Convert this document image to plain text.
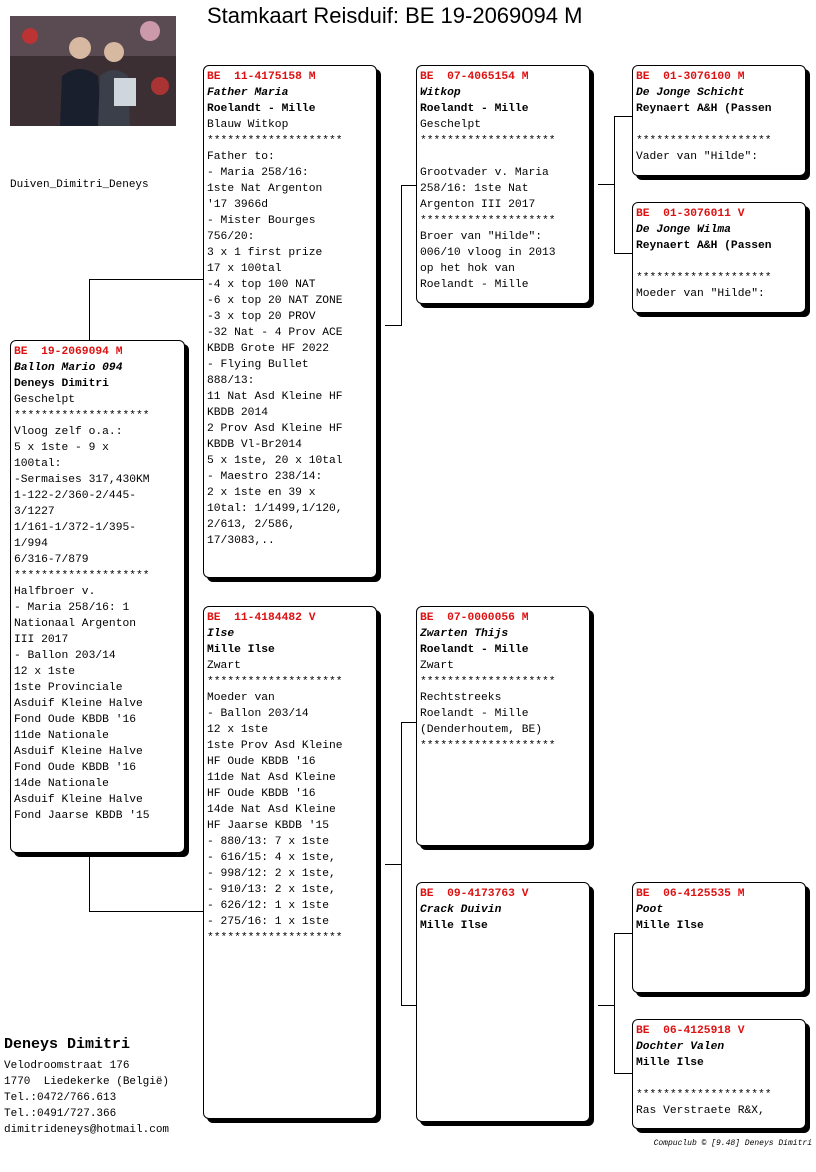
Stamkaart Reisduif: BE 19-2069094 M
Duiven_Dimitri_Deneys
BE  19-2069094 M
Ballon Mario 094
Deneys Dimitri
Geschelpt
********************
Vloog zelf o.a.:
5 x 1ste - 9 x
100tal:
-Sermaises 317,430KM
1-122-2/360-2/445-
3/1227
1/161-1/372-1/395-
1/994
6/316-7/879
********************
Halfbroer v.
- Maria 258/16: 1
Nationaal Argenton
III 2017
- Ballon 203/14
12 x 1ste
1ste Provinciale
Asduif Kleine Halve
Fond Oude KBDB '16
11de Nationale
Asduif Kleine Halve
Fond Oude KBDB '16
14de Nationale
Asduif Kleine Halve
Fond Jaarse KBDB '15
BE  11-4175158 M
Father Maria
Roelandt - Mille
Blauw Witkop
********************
Father to:
- Maria 258/16:
1ste Nat Argenton
'17 3966d
- Mister Bourges
756/20:
3 x 1 first prize
17 x 100tal
-4 x top 100 NAT
-6 x top 20 NAT ZONE
-3 x top 20 PROV
-32 Nat - 4 Prov ACE
KBDB Grote HF 2022
- Flying Bullet
888/13:
11 Nat Asd Kleine HF
KBDB 2014
2 Prov Asd Kleine HF
KBDB Vl-Br2014
5 x 1ste, 20 x 10tal
- Maestro 238/14:
2 x 1ste en 39 x
10tal: 1/1499,1/120,
2/613, 2/586,
17/3083,..
BE  11-4184482 V
Ilse
Mille Ilse
Zwart
********************
Moeder van
- Ballon 203/14
12 x 1ste
1ste Prov Asd Kleine
HF Oude KBDB '16
11de Nat Asd Kleine
HF Oude KBDB '16
14de Nat Asd Kleine
HF Jaarse KBDB '15
- 880/13: 7 x 1ste
- 616/15: 4 x 1ste,
- 998/12: 2 x 1ste,
- 910/13: 2 x 1ste,
- 626/12: 1 x 1ste
- 275/16: 1 x 1ste
********************
BE  07-4065154 M
Witkop
Roelandt - Mille
Geschelpt
********************
Grootvader v. Maria
258/16: 1ste Nat
Argenton III 2017
********************
Broer van "Hilde":
006/10 vloog in 2013
op het hok van
Roelandt - Mille
BE  07-0000056 M
Zwarten Thijs
Roelandt - Mille
Zwart
********************
Rechtstreeks
Roelandt - Mille
(Denderhoutem, BE)
********************
BE  09-4173763 V
Crack Duivin
Mille Ilse
BE  01-3076100 M
De Jonge Schicht
Reynaert A&H (Passen
********************
Vader van "Hilde":
BE  01-3076011 V
De Jonge Wilma
Reynaert A&H (Passen
********************
Moeder van "Hilde":
BE  06-4125535 M
Poot
Mille Ilse
BE  06-4125918 V
Dochter Valen
Mille Ilse
********************
Ras Verstraete R&X,
Deneys Dimitri
Velodroomstraat 176
1770  Liedekerke (België)
Tel.:0472/766.613
Tel.:0491/727.366
dimitrideneys@hotmail.com
Compuclub © [9.48] Deneys Dimitri
